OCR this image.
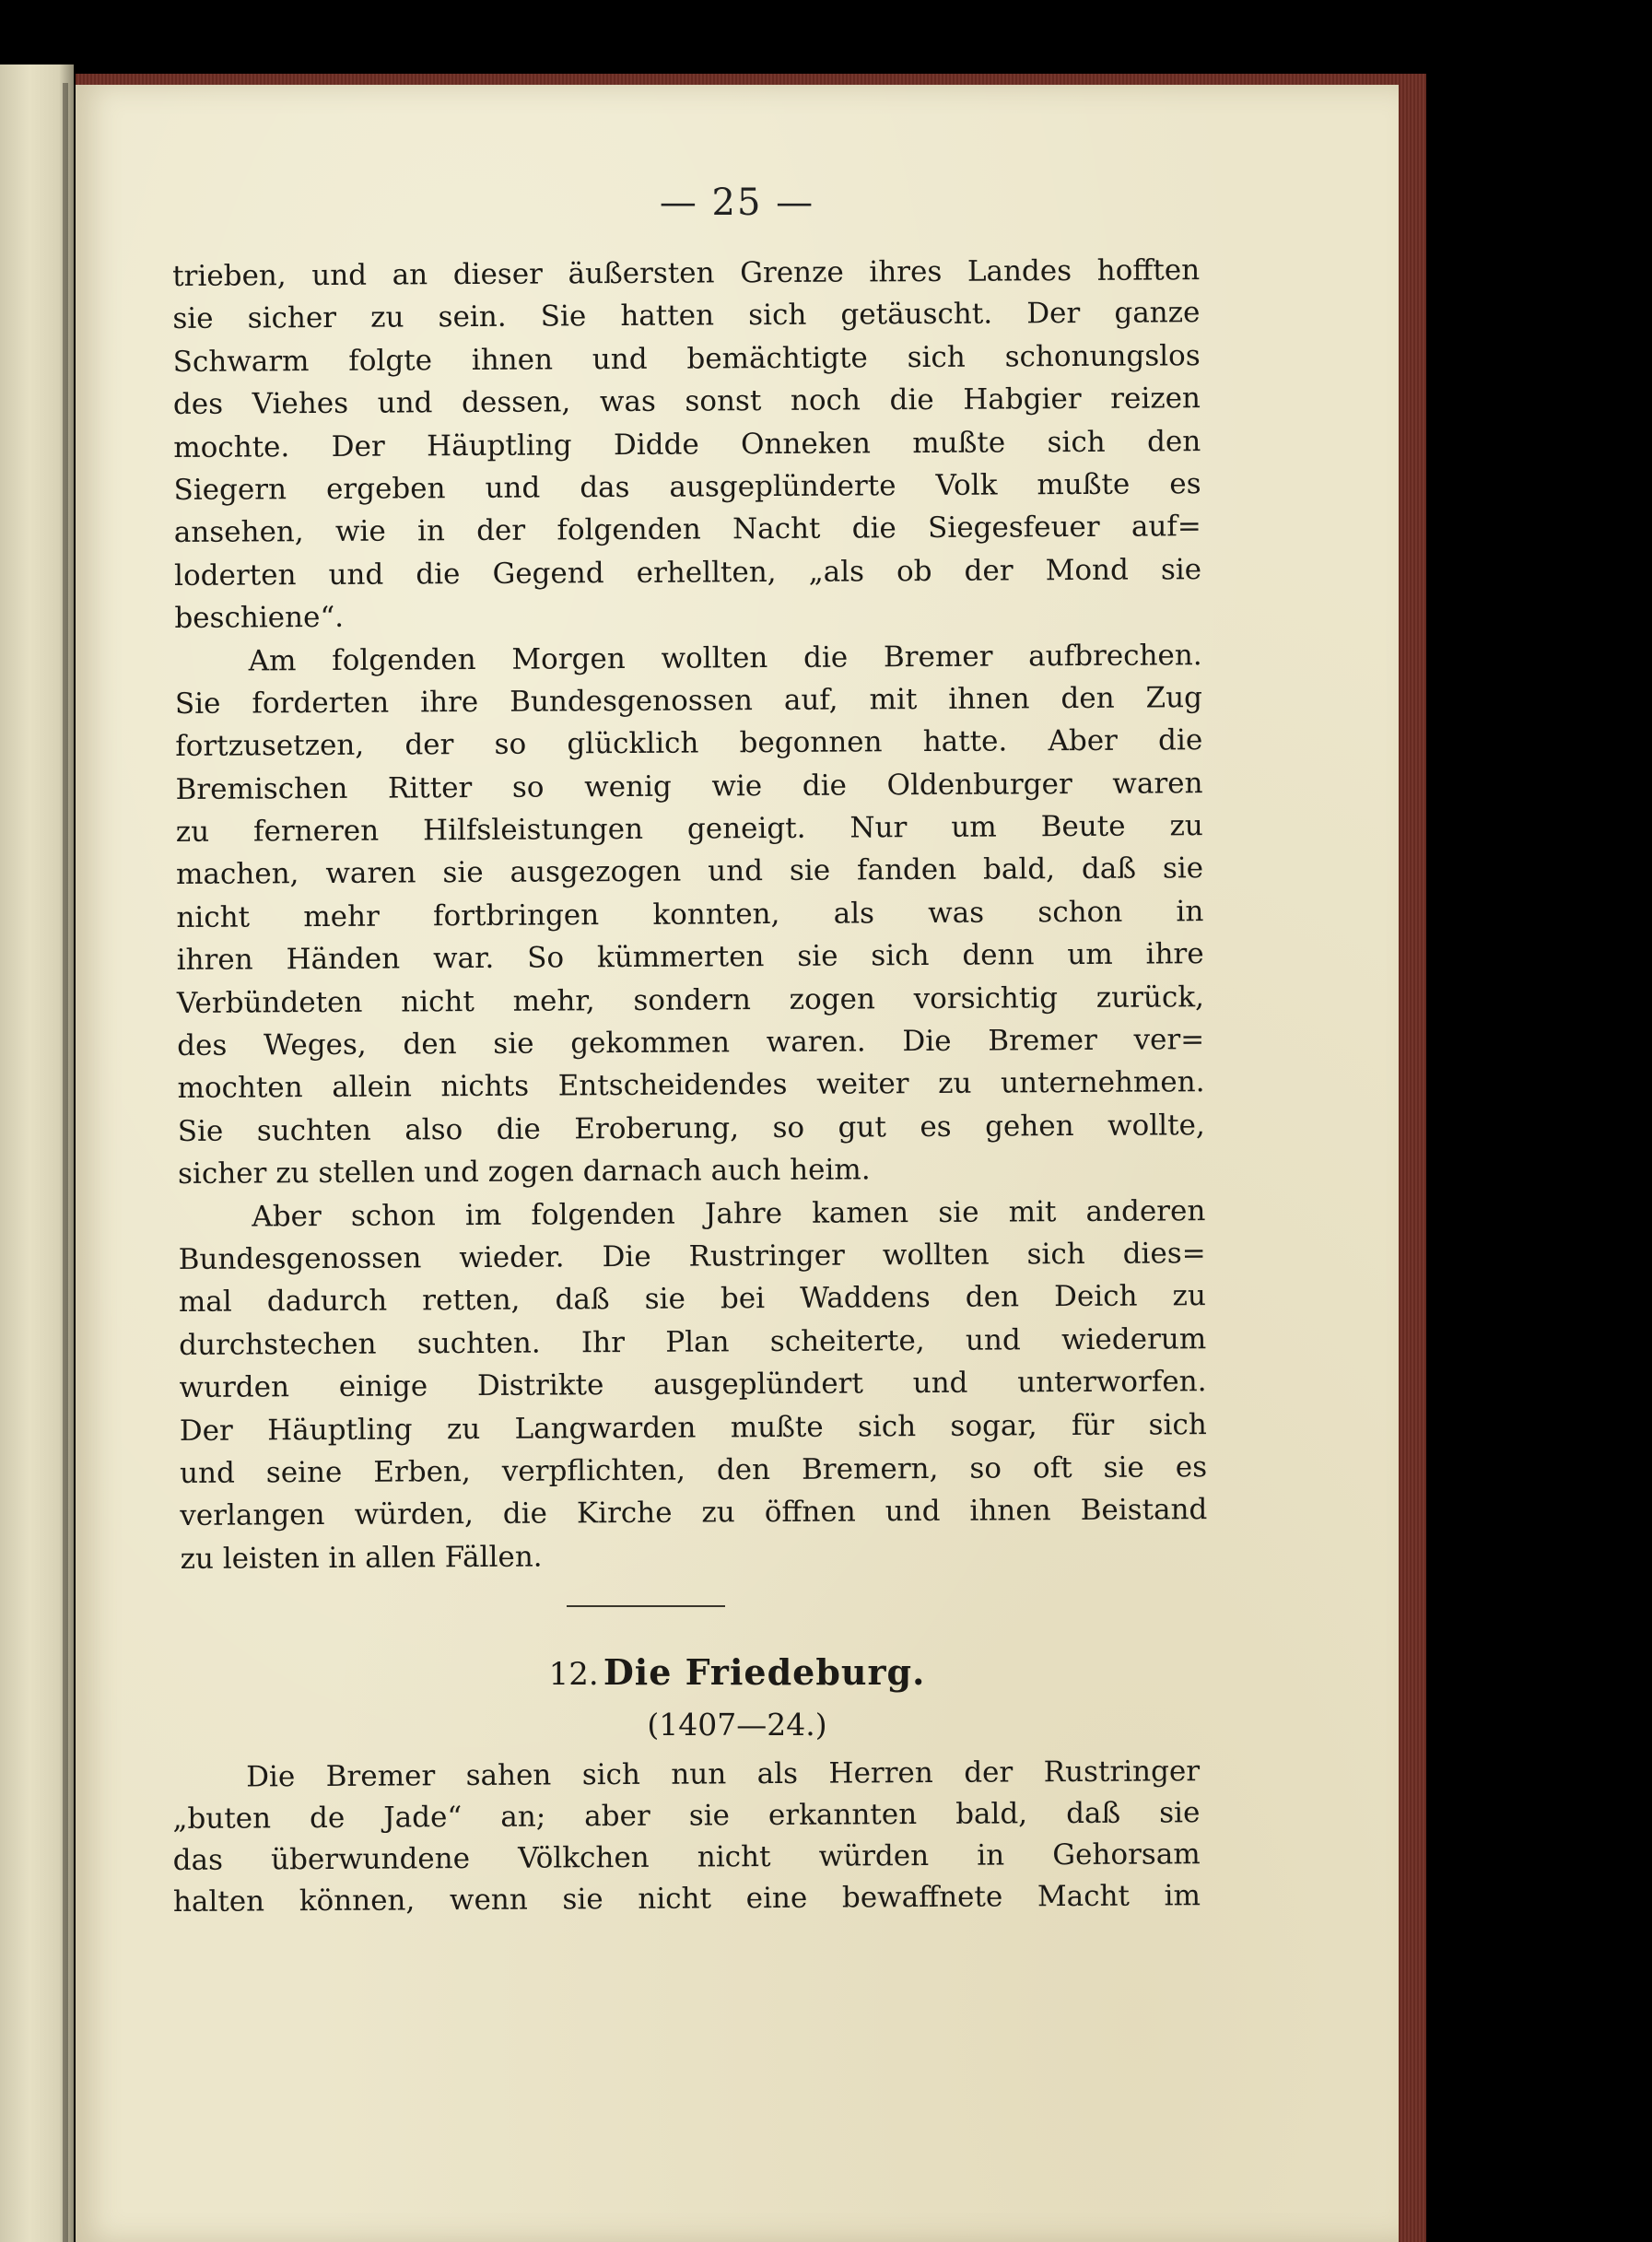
— 25 —
trieben, und an dieser äußersten Grenze ihres Landes hofften
sie sicher zu sein. Sie hatten sich getäuscht. Der ganze
Schwarm folgte ihnen und bemächtigte sich schonungslos
des Viehes und dessen, was sonst noch die Habgier reizen
mochte. Der Häuptling Didde Onneken mußte sich den
Siegern ergeben und das ausgeplünderte Volk mußte es
ansehen, wie in der folgenden Nacht die Siegesfeuer auf=
loderten und die Gegend erhellten, „als ob der Mond sie
beschiene“.
Am folgenden Morgen wollten die Bremer aufbrechen.
Sie forderten ihre Bundesgenossen auf, mit ihnen den Zug
fortzusetzen, der so glücklich begonnen hatte. Aber die
Bremischen Ritter so wenig wie die Oldenburger waren
zu ferneren Hilfsleistungen geneigt. Nur um Beute zu
machen, waren sie ausgezogen und sie fanden bald, daß sie
nicht mehr fortbringen konnten, als was schon in
ihren Händen war. So kümmerten sie sich denn um ihre
Verbündeten nicht mehr, sondern zogen vorsichtig zurück,
des Weges, den sie gekommen waren. Die Bremer ver=
mochten allein nichts Entscheidendes weiter zu unternehmen.
Sie suchten also die Eroberung, so gut es gehen wollte,
sicher zu stellen und zogen darnach auch heim.
Aber schon im folgenden Jahre kamen sie mit anderen
Bundesgenossen wieder. Die Rustringer wollten sich dies=
mal dadurch retten, daß sie bei Waddens den Deich zu
durchstechen suchten. Ihr Plan scheiterte, und wiederum
wurden einige Distrikte ausgeplündert und unterworfen.
Der Häuptling zu Langwarden mußte sich sogar, für sich
und seine Erben, verpflichten, den Bremern, so oft sie es
verlangen würden, die Kirche zu öffnen und ihnen Beistand
zu leisten in allen Fällen.
12. Die Friedeburg.
(1407—24.)
Die Bremer sahen sich nun als Herren der Rustringer
„buten de Jade“ an; aber sie erkannten bald, daß sie
das überwundene Völkchen nicht würden in Gehorsam
halten können, wenn sie nicht eine bewaffnete Macht im
